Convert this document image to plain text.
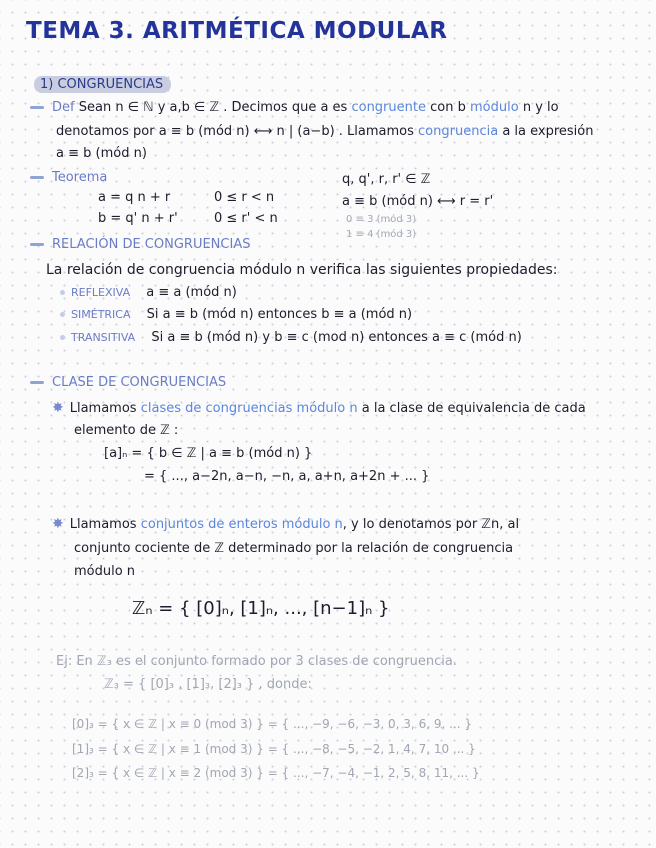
TEMA 3. ARITMÉTICA MODULAR
1) CONGRUENCIAS
Def Sean n ∈ ℕ y a,b ∈ ℤ . Decimos que a es congruente con b módulo n y lo
denotamos por a ≡ b (mód n) ⟷ n | (a−b) . Llamamos congruencia a la expresión
a ≡ b (mód n)
Teorema
a = q n + r	0 ≤ r < n
b = q' n + r'	0 ≤ r' < n
q, q', r, r' ∈ ℤ
a ≡ b (mód n) ⟷ r = r'
0 ≡ 3 (mód 3)
1 ≡ 4 (mód 3)
RELACIÓN DE CONGRUENCIAS
La relación de congruencia módulo n verifica las siguientes propiedades:
REFLEXIVA a ≡ a (mód n)
SIMÉTRICA Si a ≡ b (mód n) entonces b ≡ a (mód n)
TRANSITIVA Si a ≡ b (mód n) y b ≡ c (mod n) entonces a ≡ c (mód n)
CLASE DE CONGRUENCIAS
✸ Llamamos clases de congruencias módulo n a la clase de equivalencia de cada
elemento de ℤ :
[a]ₙ = { b ∈ ℤ | a ≡ b (mód n) }
= { ..., a−2n, a−n, −n, a, a+n, a+2n + ... }
✸ Llamamos conjuntos de enteros módulo n, y lo denotamos por ℤn, al
conjunto cociente de ℤ determinado por la relación de congruencia
módulo n
ℤₙ = { [0]ₙ, [1]ₙ, ..., [n−1]ₙ }
Ej: En ℤ₃ es el conjunto formado por 3 clases de congruencia.
ℤ₃ = { [0]₃ , [1]₃, [2]₃ } , donde:
[0]₃ = { x ∈ ℤ | x ≡ 0 (mod 3) } = { ..., −9, −6, −3, 0, 3, 6, 9, ... }
[1]₃ = { x ∈ ℤ | x ≡ 1 (mod 3) } = { ..., −8, −5, −2, 1, 4, 7, 10 ... }
[2]₃ = { x ∈ ℤ | x ≡ 2 (mod 3) } = { ..., −7, −4, −1, 2, 5, 8, 11, ... }
